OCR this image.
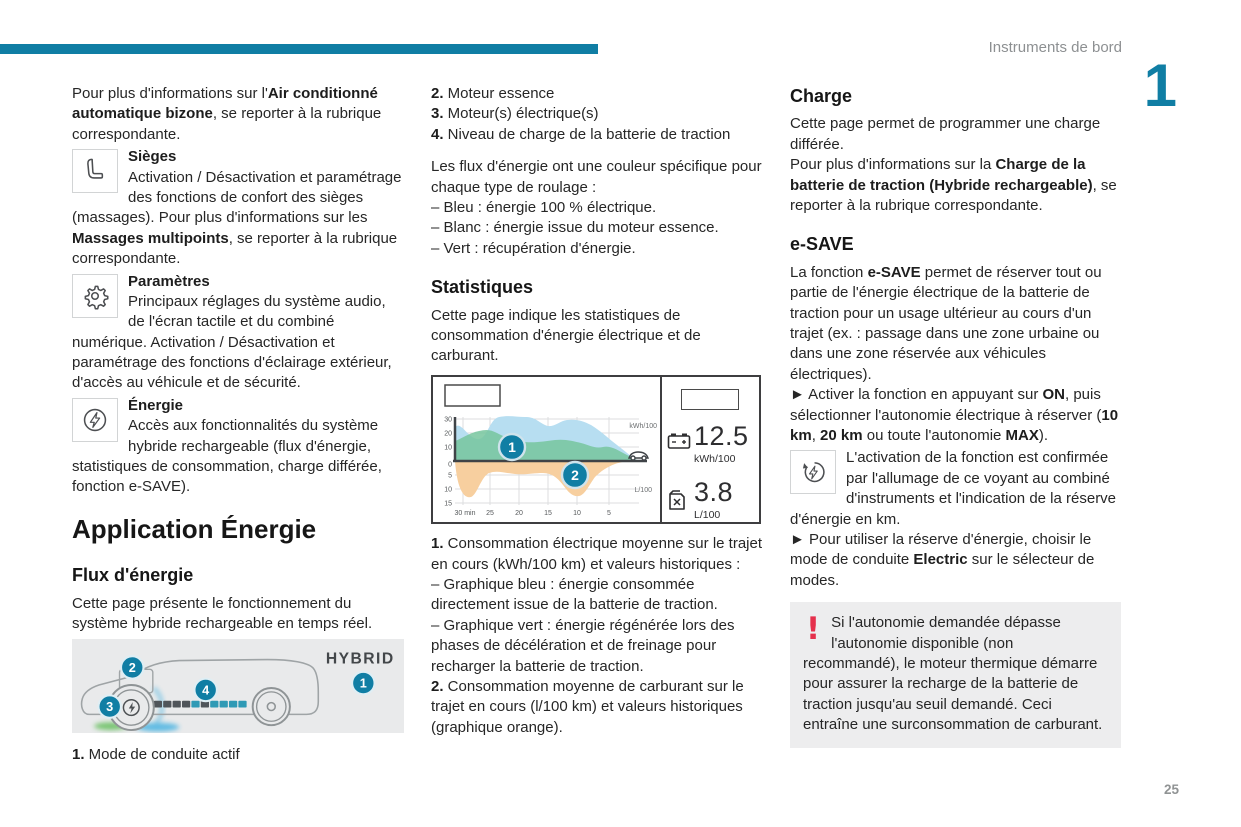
Instruments de bord
1
25

Pour plus d'informations sur l'Air conditionné automatique bizone, se reporter à la rubrique correspondante.

Sièges
Activation / Désactivation et paramétrage des fonctions de confort des sièges (massages). Pour plus d'informations sur les Massages multipoints, se reporter à la rubrique correspondante.
Paramètres
Principaux réglages du système audio, de l'écran tactile et du combiné numérique. Activation / Désactivation et paramétrage des fonctions d'éclairage extérieur, d'accès au véhicule et de sécurité.
Énergie
Accès aux fonctionnalités du système hybride rechargeable (flux d'énergie, statistiques de consommation, charge différée, fonction e-SAVE).
Application Énergie
Flux d'énergie

Cette page présente le fonctionnement du système hybride rechargeable en temps réel.

HYBRID
1
2
3
4

1. Mode de conduite actif

2. Moteur essence

3. Moteur(s) électrique(s)

4. Niveau de charge de la batterie de traction

Les flux d'énergie ont une couleur spécifique pour chaque type de roulage :

– Bleu : énergie 100 % électrique.

– Blanc : énergie issue du moteur essence.

– Vert : récupération d'énergie.

Statistiques

Cette page indique les statistiques de consommation d'énergie électrique et de carburant.

30
20
10
0
5
10
15
30 min 25	20	15	10	5
kWh/100
L/100
1
2
12.5
kWh/100
3.8
L/100

1. Consommation électrique moyenne sur le trajet en cours (kWh/100 km) et valeurs historiques :

– Graphique bleu : énergie consommée directement issue de la batterie de traction.

– Graphique vert : énergie régénérée lors des phases de décélération et de freinage pour recharger la batterie de traction.

2. Consommation moyenne de carburant sur le trajet en cours (l/100 km) et valeurs historiques (graphique orange).

Charge

Cette page permet de programmer une charge différée.

Pour plus d'informations sur la Charge de la batterie de traction (Hybride rechargeable), se reporter à la rubrique correspondante.

e-SAVE

La fonction e-SAVE permet de réserver tout ou partie de l'énergie électrique de la batterie de traction pour un usage ultérieur au cours d'un trajet (ex. : passage dans une zone urbaine ou dans une zone réservée aux véhicules électriques).

► Activer la fonction en appuyant sur ON, puis sélectionner l'autonomie électrique à réserver (10 km, 20 km ou toute l'autonomie MAX).

L'activation de la fonction est confirmée par l'allumage de ce voyant au combiné d'instruments et l'indication de la réserve d'énergie en km.

► Pour utiliser la réserve d'énergie, choisir le mode de conduite Electric sur le sélecteur de modes.

! Si l'autonomie demandée dépasse l'autonomie disponible (non recommandé), le moteur thermique démarre pour assurer la recharge de la batterie de traction jusqu'au seuil demandé. Ceci entraîne une surconsommation de carburant.
